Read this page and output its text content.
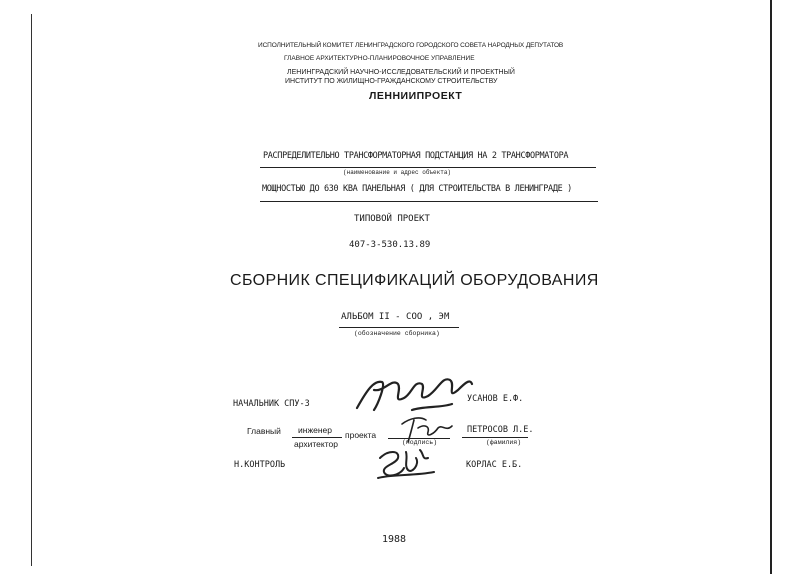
ИСПОЛНИТЕЛЬНЫЙ КОМИТЕТ ЛЕНИНГРАДСКОГО ГОРОДСКОГО СОВЕТА НАРОДНЫХ ДЕПУТАТОВ
ГЛАВНОЕ АРХИТЕКТУРНО-ПЛАНИРОВОЧНОЕ УПРАВЛЕНИЕ
ЛЕНИНГРАДСКИЙ НАУЧНО-ИССЛЕДОВАТЕЛЬСКИЙ И ПРОЕКТНЫЙ
ИНСТИТУТ ПО ЖИЛИЩНО-ГРАЖДАНСКОМУ СТРОИТЕЛЬСТВУ
ЛЕННИИПРОЕКТ
РАСПРЕДЕЛИТЕЛЬНО ТРАНСФОРМАТОРНАЯ ПОДСТАНЦИЯ НА 2 ТРАНСФОРМАТОРА
(наименование и адрес объекта)
МОЩНОСТЬЮ ДО 630 КВА ПАНЕЛЬНАЯ ( ДЛЯ СТРОИТЕЛЬСТВА В ЛЕНИНГРАДЕ )
ТИПОВОЙ ПРОЕКТ
407-3-530.13.89
СБОРНИК СПЕЦИФИКАЦИЙ ОБОРУДОВАНИЯ
АЛЬБОМ II - СОО , ЭМ
(обозначение сборника)
НАЧАЛЬНИК СПУ-3	УСАНОВ Е.Ф.
Главный инженер
архитектор
проекта
(подпись)
ПЕТРОСОВ Л.Е.
(фамилия)
Н.КОНТРОЛЬ	КОРЛАС Е.Б.
1988
